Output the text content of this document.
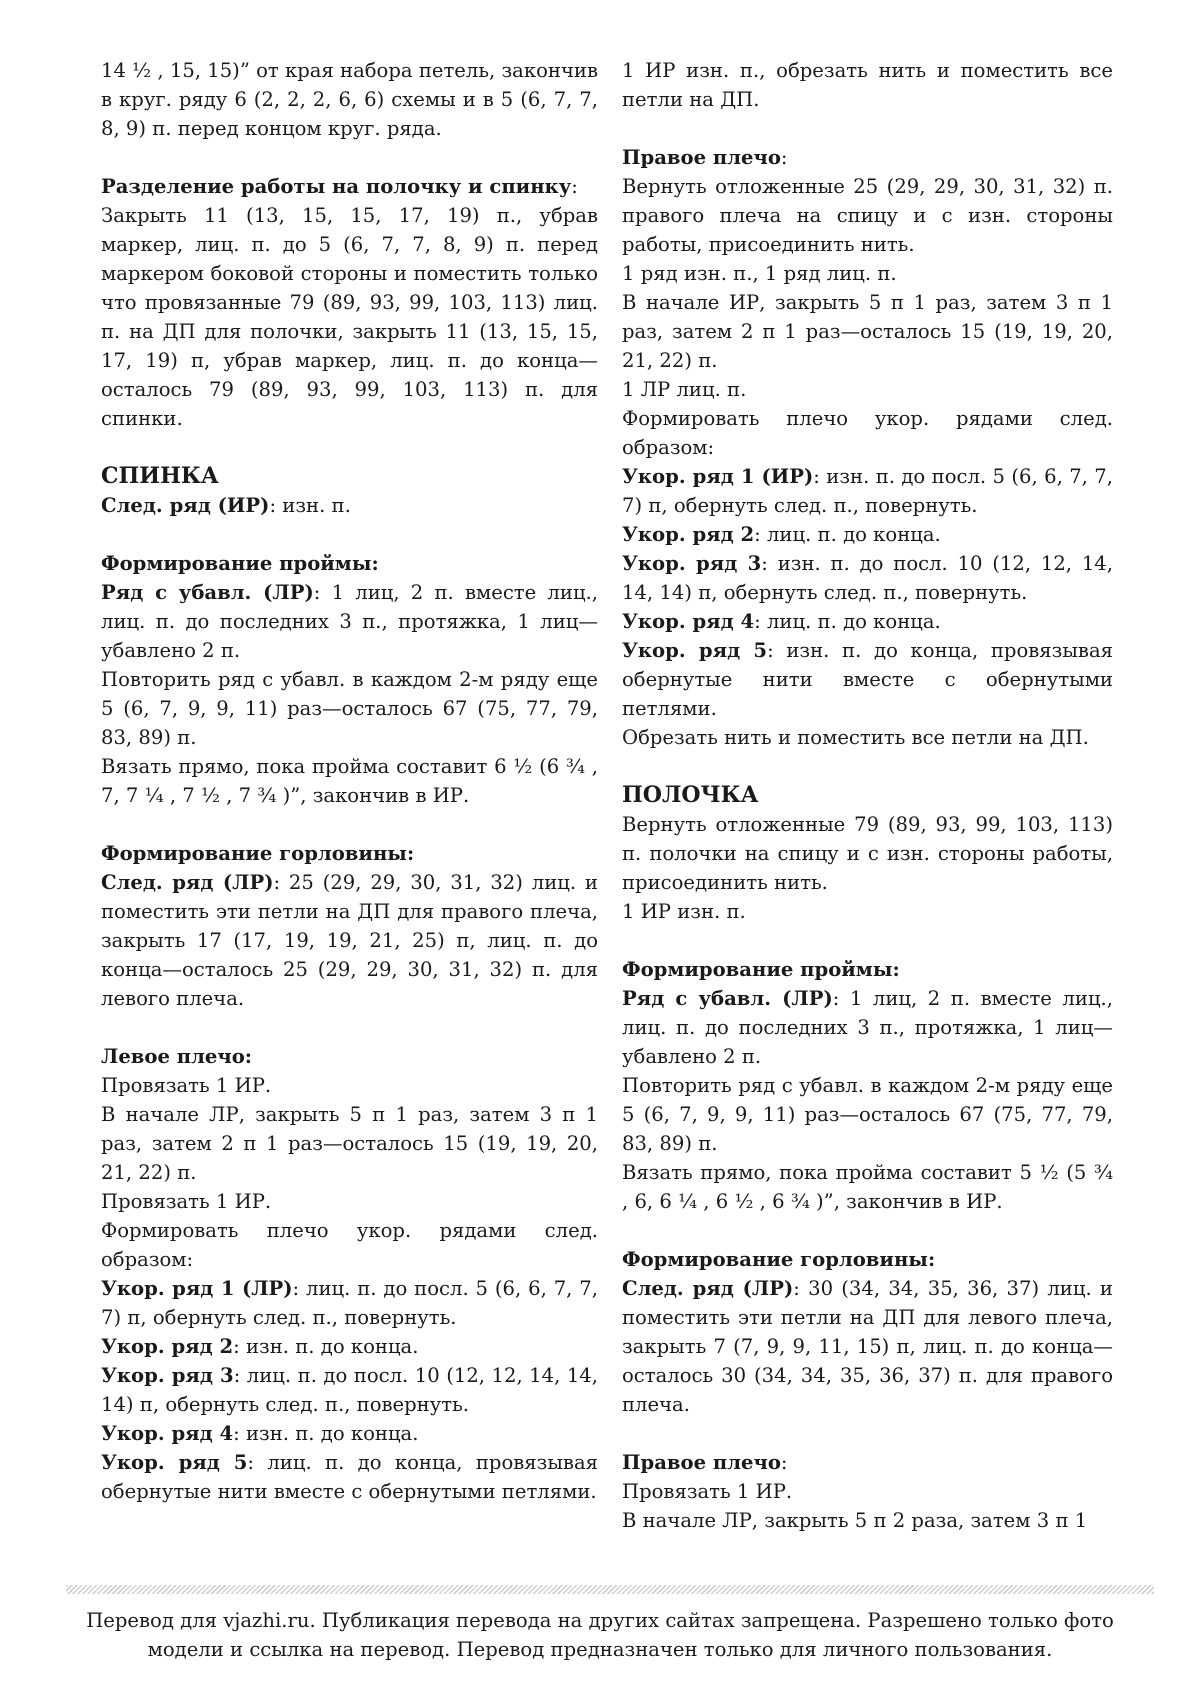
14 ½ , 15, 15)” от края набора петель, закончив в круг. ряду 6 (2, 2, 2, 6, 6) схемы и в 5 (6, 7, 7, 8, 9) п. перед концом круг. ряда.

Разделение работы на полочку и спинку:

Закрыть 11 (13, 15, 15, 17, 19) п., убрав маркер, лиц. п. до 5 (6, 7, 7, 8, 9) п. перед маркером боковой стороны и поместить только что провязанные 79 (89, 93, 99, 103, 113) лиц. п. на ДП для полочки, закрыть 11 (13, 15, 15, 17, 19) п, убрав маркер, лиц. п. до конца—осталось 79 (89, 93, 99, 103, 113) п. для спинки.

СПИНКА

След. ряд (ИР): изн. п.

Формирование проймы:

Ряд с убавл. (ЛР): 1 лиц, 2 п. вместе лиц., лиц. п. до последних 3 п., протяжка, 1 лиц—убавлено 2 п.

Повторить ряд с убавл. в каждом 2-м ряду еще 5 (6, 7, 9, 9, 11) раз—осталось 67 (75, 77, 79, 83, 89) п.

Вязать прямо, пока пройма составит 6 ½ (6 ¾ , 7, 7 ¼ , 7 ½ , 7 ¾ )”, закончив в ИР.

Формирование горловины:

След. ряд (ЛР): 25 (29, 29, 30, 31, 32) лиц. и поместить эти петли на ДП для правого плеча, закрыть 17 (17, 19, 19, 21, 25) п, лиц. п. до конца—осталось 25 (29, 29, 30, 31, 32) п. для левого плеча.

Левое плечо:

Провязать 1 ИР.

В начале ЛР, закрыть 5 п 1 раз, затем 3 п 1 раз, затем 2 п 1 раз—осталось 15 (19, 19, 20, 21, 22) п.

Провязать 1 ИР.

Формировать плечо укор. рядами след. образом:

Укор. ряд 1 (ЛР): лиц. п. до посл. 5 (6, 6, 7, 7, 7) п, обернуть след. п., повернуть.

Укор. ряд 2: изн. п. до конца.

Укор. ряд 3: лиц. п. до посл. 10 (12, 12, 14, 14, 14) п, обернуть след. п., повернуть.

Укор. ряд 4: изн. п. до конца.

Укор. ряд 5: лиц. п. до конца, провязывая обернутые нити вместе с обернутыми петлями.

1 ИР изн. п., обрезать нить и поместить все петли на ДП.

Правое плечо:

Вернуть отложенные 25 (29, 29, 30, 31, 32) п. правого плеча на спицу и с изн. стороны работы, присоединить нить.

1 ряд изн. п., 1 ряд лиц. п.

В начале ИР, закрыть 5 п 1 раз, затем 3 п 1 раз, затем 2 п 1 раз—осталось 15 (19, 19, 20, 21, 22) п.

1 ЛР лиц. п.

Формировать плечо укор. рядами след. образом:

Укор. ряд 1 (ИР): изн. п. до посл. 5 (6, 6, 7, 7, 7) п, обернуть след. п., повернуть.

Укор. ряд 2: лиц. п. до конца.

Укор. ряд 3: изн. п. до посл. 10 (12, 12, 14, 14, 14) п, обернуть след. п., повернуть.

Укор. ряд 4: лиц. п. до конца.

Укор. ряд 5: изн. п. до конца, провязывая обернутые нити вместе с обернутыми петлями.

Обрезать нить и поместить все петли на ДП.

ПОЛОЧКА

Вернуть отложенные 79 (89, 93, 99, 103, 113) п. полочки на спицу и с изн. стороны работы, присоединить нить.

1 ИР изн. п.

Формирование проймы:

Ряд с убавл. (ЛР): 1 лиц, 2 п. вместе лиц., лиц. п. до последних 3 п., протяжка, 1 лиц—убавлено 2 п.

Повторить ряд с убавл. в каждом 2-м ряду еще 5 (6, 7, 9, 9, 11) раз—осталось 67 (75, 77, 79, 83, 89) п.

Вязать прямо, пока пройма составит 5 ½ (5 ¾ , 6, 6 ¼ , 6 ½ , 6 ¾ )”, закончив в ИР.

Формирование горловины:

След. ряд (ЛР): 30 (34, 34, 35, 36, 37) лиц. и поместить эти петли на ДП для левого плеча, закрыть 7 (7, 9, 9, 11, 15) п, лиц. п. до конца—осталось 30 (34, 34, 35, 36, 37) п. для правого плеча.

Правое плечо:

Провязать 1 ИР.

В начале ЛР, закрыть 5 п 2 раза, затем 3 п 1

Перевод для vjazhi.ru. Публикация перевода на других сайтах запрещена. Разрешено только фото модели и ссылка на перевод. Перевод предназначен только для личного пользования.
